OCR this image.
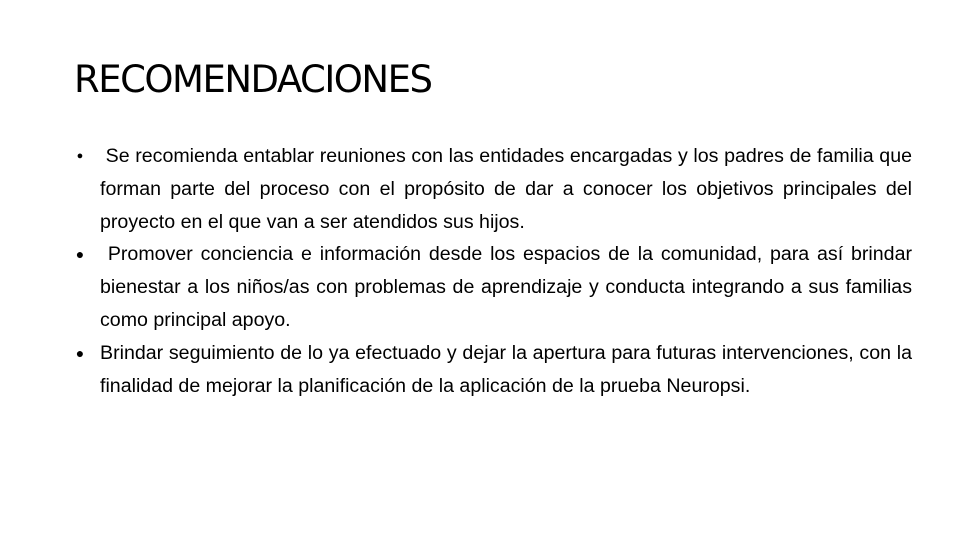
RECOMENDACIONES
● Se recomienda entablar reuniones con las entidades encargadas y los padres de familia que forman parte del proceso con el propósito de dar a conocer los objetivos principales del proyecto en el que van a ser atendidos sus hijos.
● Promover conciencia e información desde los espacios de la comunidad, para así brindar bienestar a los niños/as con problemas de aprendizaje y conducta integrando a sus familias como principal apoyo.
● Brindar seguimiento de lo ya efectuado y dejar la apertura para futuras intervenciones, con la finalidad de mejorar la planificación de la aplicación de la prueba Neuropsi.
